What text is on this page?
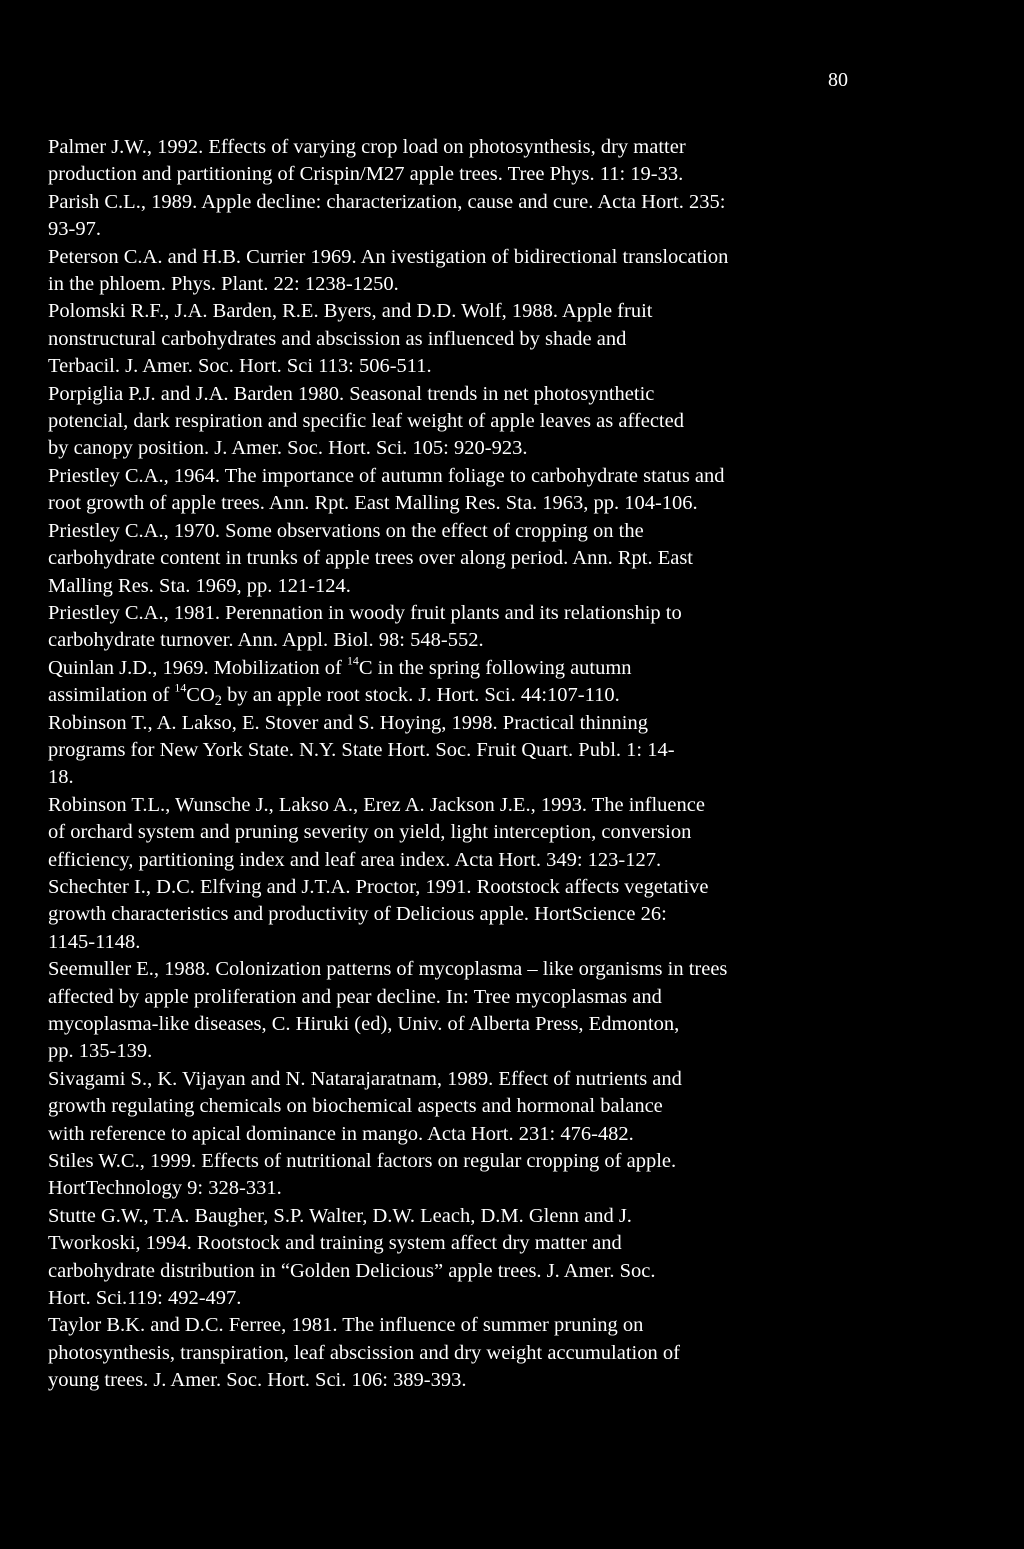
80
Palmer J.W., 1992. Effects of varying crop load on photosynthesis, dry matter
production and partitioning of Crispin/M27 apple trees. Tree Phys. 11: 19-33.
Parish C.L., 1989. Apple decline: characterization, cause and cure. Acta Hort. 235:
93-97.
Peterson C.A. and H.B. Currier 1969. An ivestigation of bidirectional translocation
in the phloem. Phys. Plant. 22: 1238-1250.
Polomski R.F., J.A. Barden, R.E. Byers, and D.D. Wolf, 1988. Apple fruit
nonstructural carbohydrates and abscission as influenced by shade and
Terbacil. J. Amer. Soc. Hort. Sci 113: 506-511.
Porpiglia P.J. and J.A. Barden 1980. Seasonal trends in net photosynthetic
potencial, dark respiration and specific leaf weight of apple leaves as affected
by canopy position. J. Amer. Soc. Hort. Sci. 105: 920-923.
Priestley C.A., 1964. The importance of autumn foliage to carbohydrate status and
root growth of apple trees. Ann. Rpt. East Malling Res. Sta. 1963, pp. 104-106.
Priestley C.A., 1970. Some observations on the effect of cropping on the
carbohydrate content in trunks of apple trees over along period. Ann. Rpt. East
Malling Res. Sta. 1969, pp. 121-124.
Priestley C.A., 1981. Perennation in woody fruit plants and its relationship to
carbohydrate turnover. Ann. Appl. Biol. 98: 548-552.
Quinlan J.D., 1969. Mobilization of $^{14}$C in the spring following autumn
assimilation of $^{14}CO_2$ by an apple root stock. J. Hort. Sci. 44:107-110.
Robinson T., A. Lakso, E. Stover and S. Hoying, 1998. Practical thinning
programs for New York State. N.Y. State Hort. Soc. Fruit Quart. Publ. 1: 14-
18.
Robinson T.L., Wunsche J., Lakso A., Erez A. Jackson J.E., 1993. The influence
of orchard system and pruning severity on yield, light interception, conversion
efficiency, partitioning index and leaf area index. Acta Hort. 349: 123-127.
Schechter I., D.C. Elfving and J.T.A. Proctor, 1991. Rootstock affects vegetative
growth characteristics and productivity of Delicious apple. HortScience 26:
1145-1148.
Seemuller E., 1988. Colonization patterns of mycoplasma – like organisms in trees
affected by apple proliferation and pear decline. In: Tree mycoplasmas and
mycoplasma-like diseases, C. Hiruki (ed), Univ. of Alberta Press, Edmonton,
pp. 135-139.
Sivagami S., K. Vijayan and N. Natarajaratnam, 1989. Effect of nutrients and
growth regulating chemicals on biochemical aspects and hormonal balance
with reference to apical dominance in mango. Acta Hort. 231: 476-482.
Stiles W.C., 1999. Effects of nutritional factors on regular cropping of apple.
HortTechnology 9: 328-331.
Stutte G.W., T.A. Baugher, S.P. Walter, D.W. Leach, D.M. Glenn and J.
Tworkoski, 1994. Rootstock and training system affect dry matter and
carbohydrate distribution in “Golden Delicious” apple trees. J. Amer. Soc.
Hort. Sci.119: 492-497.
Taylor B.K. and D.C. Ferree, 1981. The influence of summer pruning on
photosynthesis, transpiration, leaf abscission and dry weight accumulation of
young trees. J. Amer. Soc. Hort. Sci. 106: 389-393.
